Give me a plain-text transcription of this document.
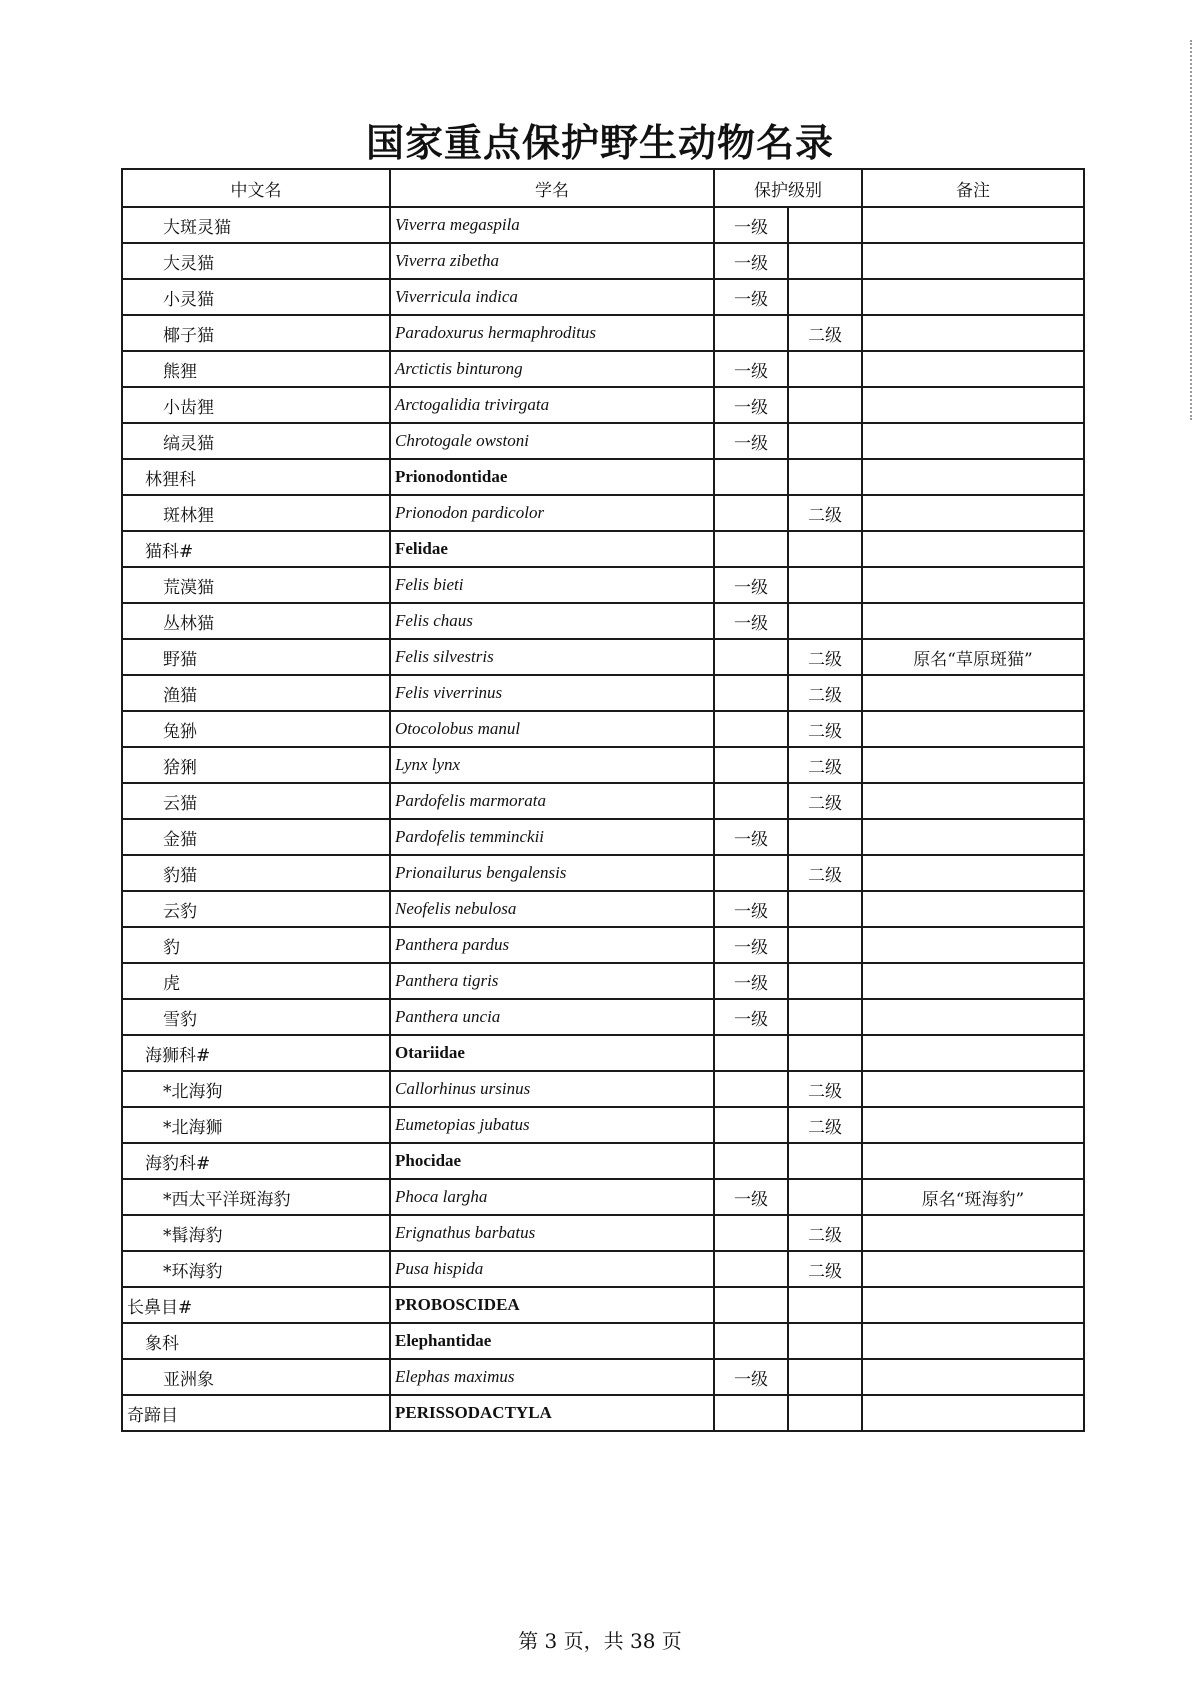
国家重点保护野生动物名录
中文名	学名	保护级别		备注
大斑灵猫	Viverra megaspila	一级		
大灵猫	Viverra zibetha	一级		
小灵猫	Viverricula indica	一级		
椰子猫	Paradoxurus hermaphroditus		二级	
熊狸	Arctictis binturong	一级		
小齿狸	Arctogalidia trivirgata	一级		
缟灵猫	Chrotogale owstoni	一级		
林狸科	Prionodontidae			
斑林狸	Prionodon pardicolor		二级	
猫科#	Felidae			
荒漠猫	Felis bieti	一级		
丛林猫	Felis chaus	一级		
野猫	Felis silvestris		二级	原名“草原斑猫”
渔猫	Felis viverrinus		二级	
兔狲	Otocolobus manul		二级	
猞猁	Lynx lynx		二级	
云猫	Pardofelis marmorata		二级	
金猫	Pardofelis temminckii	一级		
豹猫	Prionailurus bengalensis		二级	
云豹	Neofelis nebulosa	一级		
豹	Panthera pardus	一级		
虎	Panthera tigris	一级		
雪豹	Panthera uncia	一级		
海狮科#	Otariidae			
*北海狗	Callorhinus ursinus		二级	
*北海狮	Eumetopias jubatus		二级	
海豹科#	Phocidae			
*西太平洋斑海豹	Phoca largha	一级		原名“斑海豹”
*髯海豹	Erignathus barbatus		二级	
*环海豹	Pusa hispida		二级	
长鼻目#	PROBOSCIDEA			
象科	Elephantidae			
亚洲象	Elephas maximus	一级		
奇蹄目	PERISSODACTYLA			
第 3 页，共 38 页
